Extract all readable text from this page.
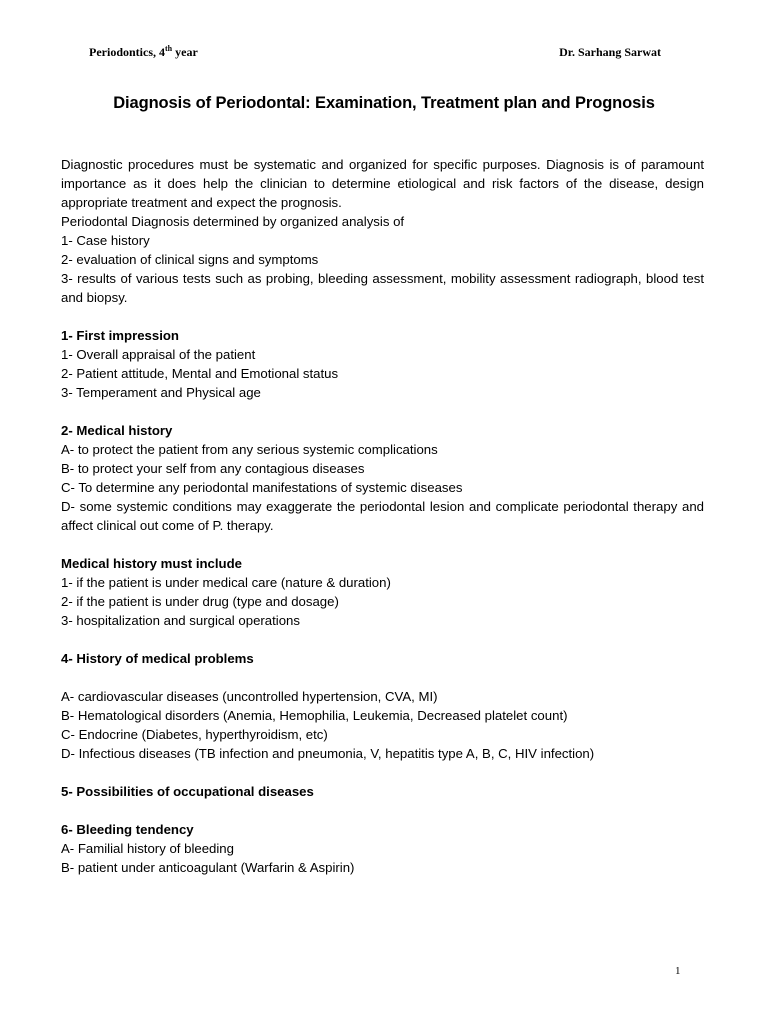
Periodontics, 4th year	Dr. Sarhang Sarwat
Diagnosis of Periodontal: Examination, Treatment plan and Prognosis

Diagnostic procedures must be systematic and organized for specific purposes. Diagnosis is of paramount importance as it does help the clinician to determine etiological and risk factors of the disease, design appropriate treatment and expect the prognosis.

Periodontal Diagnosis determined by organized analysis of

1- Case history

2- evaluation of clinical signs and symptoms

3- results of various tests such as probing, bleeding assessment, mobility assessment radiograph, blood test and biopsy.

1- First impression

1- Overall appraisal of the patient

2- Patient attitude, Mental and Emotional status

3- Temperament and Physical age

2- Medical history

A- to protect the patient from any serious systemic complications

B- to protect your self from any contagious diseases

C- To determine any periodontal manifestations of systemic diseases

D- some systemic conditions may exaggerate the periodontal lesion and complicate periodontal therapy and affect clinical out come of P. therapy.

Medical history must include

1- if the patient is under medical care (nature & duration)

2- if the patient is under drug (type and dosage)

3- hospitalization and surgical operations

4- History of medical problems

A- cardiovascular diseases (uncontrolled hypertension, CVA, MI)

B- Hematological disorders (Anemia, Hemophilia, Leukemia, Decreased platelet count)

C- Endocrine (Diabetes, hyperthyroidism, etc)

D- Infectious diseases (TB infection and pneumonia, V, hepatitis type A, B, C, HIV infection)

5- Possibilities of occupational diseases

6- Bleeding tendency

A- Familial history of bleeding

B- patient under anticoagulant (Warfarin & Aspirin)

1
